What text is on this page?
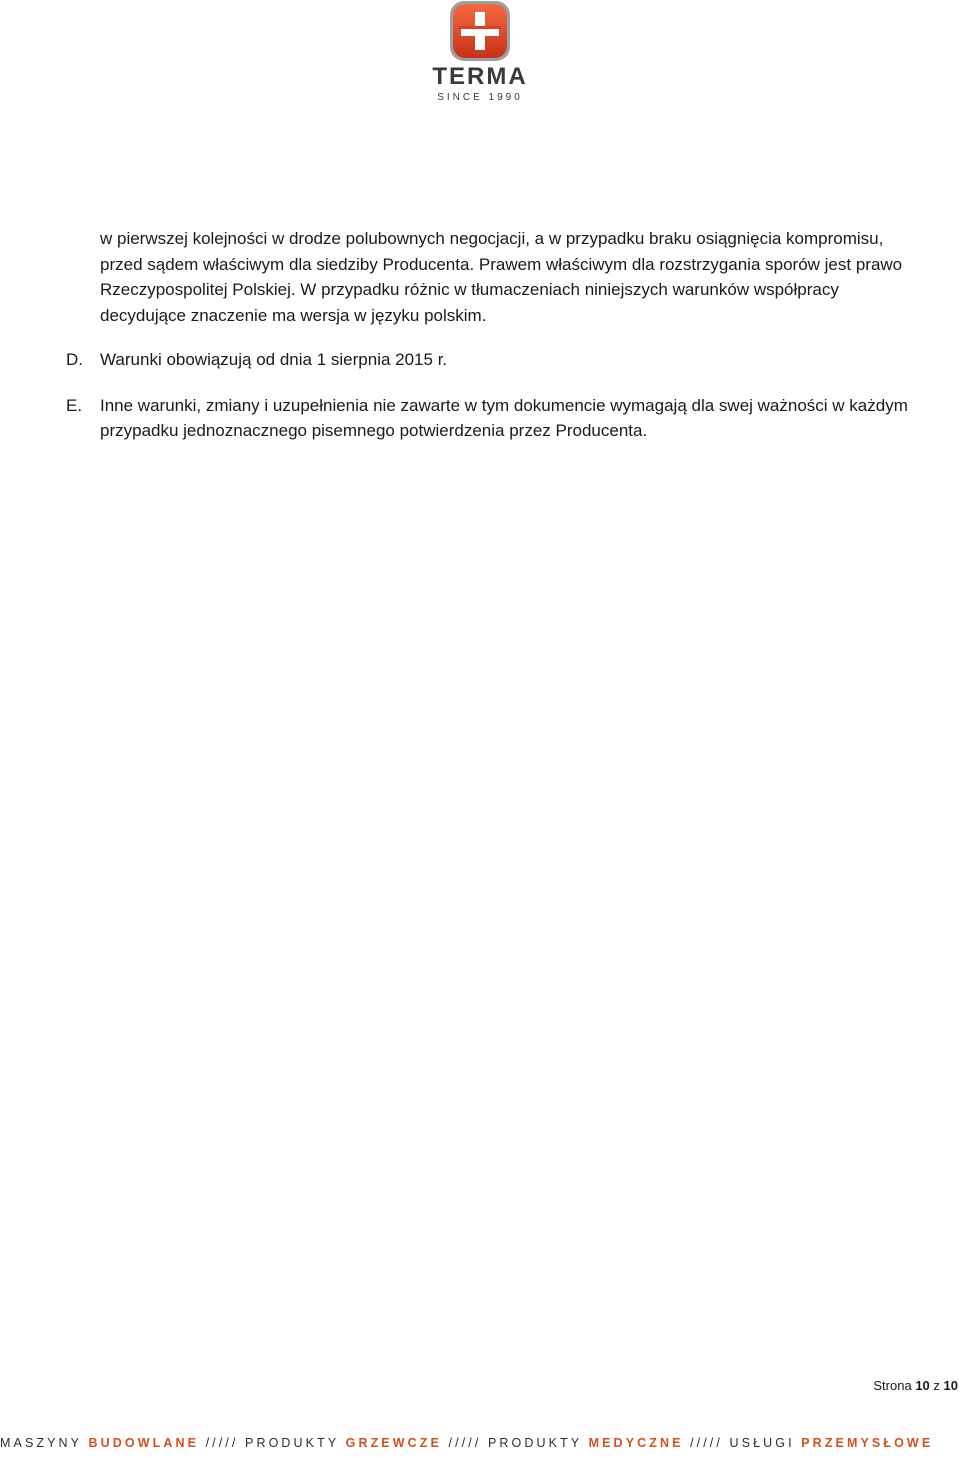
TERMA
SINCE 1990

w pierwszej kolejności w drodze polubownych negocjacji, a w przypadku braku osiągnięcia kompromisu, przed sądem właściwym dla siedziby Producenta. Prawem właściwym dla rozstrzygania sporów jest prawo Rzeczypospolitej Polskiej. W przypadku różnic w tłumaczeniach niniejszych warunków współpracy decydujące znaczenie ma wersja w języku polskim.

D. Warunki obowiązują od dnia 1 sierpnia 2015 r.
E. Inne warunki, zmiany i uzupełnienia nie zawarte w tym dokumencie wymagają dla swej ważności w każdym przypadku jednoznacznego pisemnego potwierdzenia przez Producenta.
Strona 10 z 10
MASZYNY BUDOWLANE ///// PRODUKTY GRZEWCZE ///// PRODUKTY MEDYCZNE ///// USŁUGI PRZEMYSŁOWE
